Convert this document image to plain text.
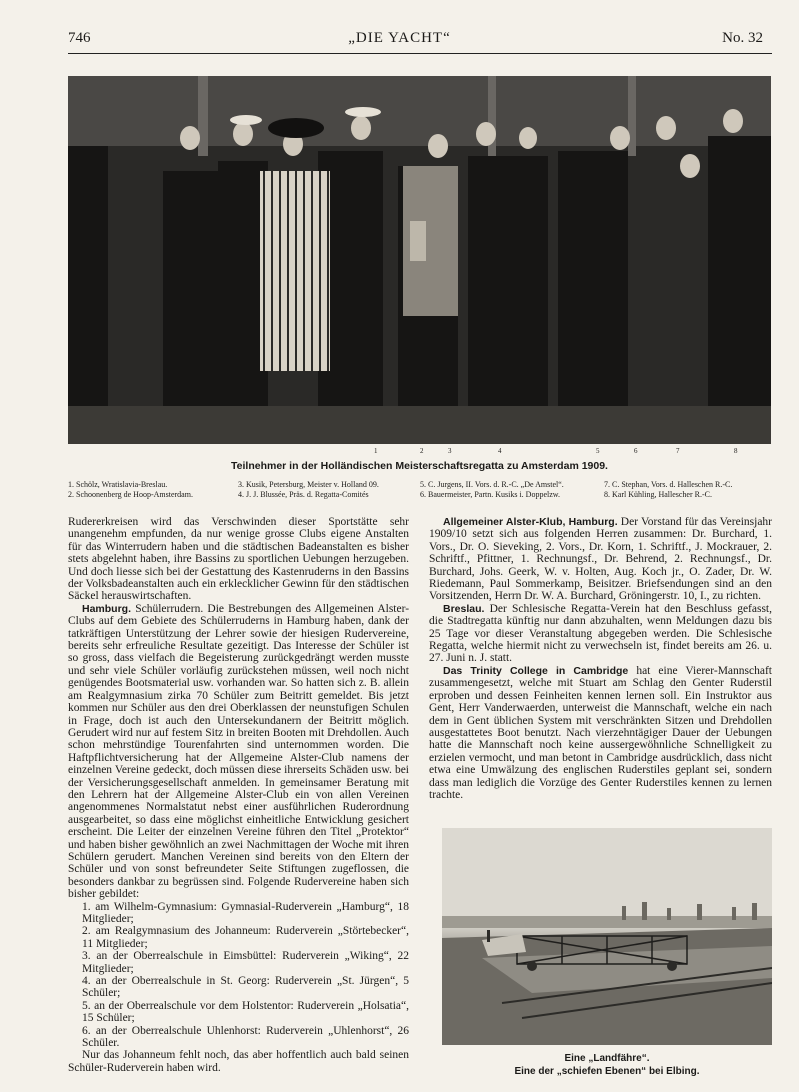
746	„DIE YACHT“	No. 32
1	2	3	4	5	6	7	8
Teilnehmer in der Holländischen Meisterschaftsregatta zu Amsterdam 1909.
1. Schölz, Wratislavia-Breslau.
2. Schoonenberg de Hoop-Amsterdam.
3. Kusik, Petersburg, Meister v. Holland 09.
4. J. J. Blussée, Präs. d. Regatta-Comités
5. C. Jurgens, II. Vors. d. R.-C. „De Amstel“.
6. Bauermeister, Partn. Kusiks i. Doppelzw.
7. C. Stephan, Vors. d. Halleschen R.-C.
8. Karl Kühling, Hallescher R.-C.

Rudererkreisen wird das Verschwinden dieser Sportstätte sehr unangenehm empfunden, da nur wenige grosse Clubs eigene Anstalten für das Winterrudern haben und die städtischen Badeanstalten es bisher stets abgelehnt haben, ihre Bassins zu sportlichen Uebungen herzugeben. Und doch liesse sich bei der Gestattung des Kastenruderns in den Bassins der Volksbadeanstalten auch ein erklecklicher Gewinn für den städtischen Säckel herauswirtschaften.

Hamburg. Schülerrudern. Die Bestrebungen des Allgemeinen Alster-Clubs auf dem Gebiete des Schülerruderns in Hamburg haben, dank der tatkräftigen Unterstützung der Lehrer sowie der hiesigen Rudervereine, bereits sehr erfreuliche Resultate gezeitigt. Das Interesse der Schüler ist so gross, dass vielfach die Begeisterung zurückgedrängt werden musste und sehr viele Schüler vorläufig zurückstehen müssen, weil noch nicht genügendes Bootsmaterial usw. vorhanden war. So hatten sich z. B. allein am Realgymnasium zirka 70 Schüler zum Beitritt gemeldet. Bis jetzt kommen nur Schüler aus den drei Oberklassen der neunstufigen Schulen in Frage, doch ist auch den Untersekundanern der Beitritt möglich. Gerudert wird nur auf festem Sitz in breiten Booten mit Drehdollen. Auch schon mehrstündige Tourenfahrten sind unternommen worden. Die Haftpflichtversicherung hat der Allgemeine Alster-Club namens der einzelnen Vereine gedeckt, doch müssen diese ihrerseits Schäden usw. bei der Versicherungsgesellschaft anmelden. In gemeinsamer Beratung mit den Lehrern hat der Allgemeine Alster-Club ein von allen Vereinen angenommenes Normalstatut nebst einer ausführlichen Ruderordnung ausgearbeitet, so dass eine möglichst einheitliche Entwicklung gesichert erscheint. Die Leiter der einzelnen Vereine führen den Titel „Protektor“ und haben bisher gewöhnlich an zwei Nachmittagen der Woche mit ihren Schülern gerudert. Manchen Vereinen sind bereits von den Eltern der Schüler und von sonst befreundeter Seite Stiftungen zugeflossen, die besonders dankbar zu begrüssen sind. Folgende Rudervereine haben sich bisher gebildet:

1. am Wilhelm-Gymnasium: Gymnasial-Ruderverein „Hamburg“, 18 Mitglieder;

2. am Realgymnasium des Johanneum: Ruderverein „Störtebecker“, 11 Mitglieder;

3. an der Oberrealschule in Eimsbüttel: Ruderverein „Wiking“, 22 Mitglieder;

4. an der Oberrealschule in St. Georg: Ruderverein „St. Jürgen“, 5 Schüler;

5. an der Oberrealschule vor dem Holstentor: Ruderverein „Holsatia“, 15 Schüler;

6. an der Oberrealschule Uhlenhorst: Ruderverein „Uhlenhorst“, 26 Schüler.

Nur das Johanneum fehlt noch, das aber hoffentlich auch bald seinen Schüler-Ruderverein haben wird.

Allgemeiner Alster-Klub, Hamburg. Der Vorstand für das Vereinsjahr 1909/10 setzt sich aus folgenden Herren zusammen: Dr. Burchard, 1. Vors., Dr. O. Sieveking, 2. Vors., Dr. Korn, 1. Schriftf., J. Mockrauer, 2. Schriftf., Pfittner, 1. Rechnungsf., Dr. Behrend, 2. Rechnungsf., Dr. Burchard, Johs. Geerk, W. v. Holten, Aug. Koch jr., O. Zader, Dr. W. Riedemann, Paul Sommerkamp, Beisitzer. Briefsendungen sind an den Vorsitzenden, Herrn Dr. W. A. Burchard, Gröningerstr. 10, I., zu richten.

Breslau. Der Schlesische Regatta-Verein hat den Beschluss gefasst, die Stadtregatta künftig nur dann abzuhalten, wenn Meldungen dazu bis 25 Tage vor dieser Veranstaltung abgegeben werden. Die Schlesische Regatta, welche hiermit nicht zu verwechseln ist, findet bereits am 26. u. 27. Juni n. J. statt.

Das Trinity College in Cambridge hat eine Vierer-Mannschaft zusammengesetzt, welche mit Stuart am Schlag den Genter Ruderstil erproben und dessen Feinheiten kennen lernen soll. Ein Instruktor aus Gent, Herr Vanderwaerden, unterweist die Mannschaft, welche ein nach dem in Gent üblichen System mit verschränkten Sitzen und Drehdollen ausgestattetes Boot benutzt. Nach vierzehntägiger Dauer der Uebungen hatte die Mannschaft noch keine aussergewöhnliche Schnelligkeit zu erzielen vermocht, und man betont in Cambridge ausdrücklich, dass nicht etwa eine Umwälzung des englischen Ruderstiles geplant sei, sondern dass man lediglich die Vorzüge des Genter Ruderstiles kennen zu lernen trachte.

Eine „Landfähre“.
Eine der „schiefen Ebenen“ bei Elbing.
